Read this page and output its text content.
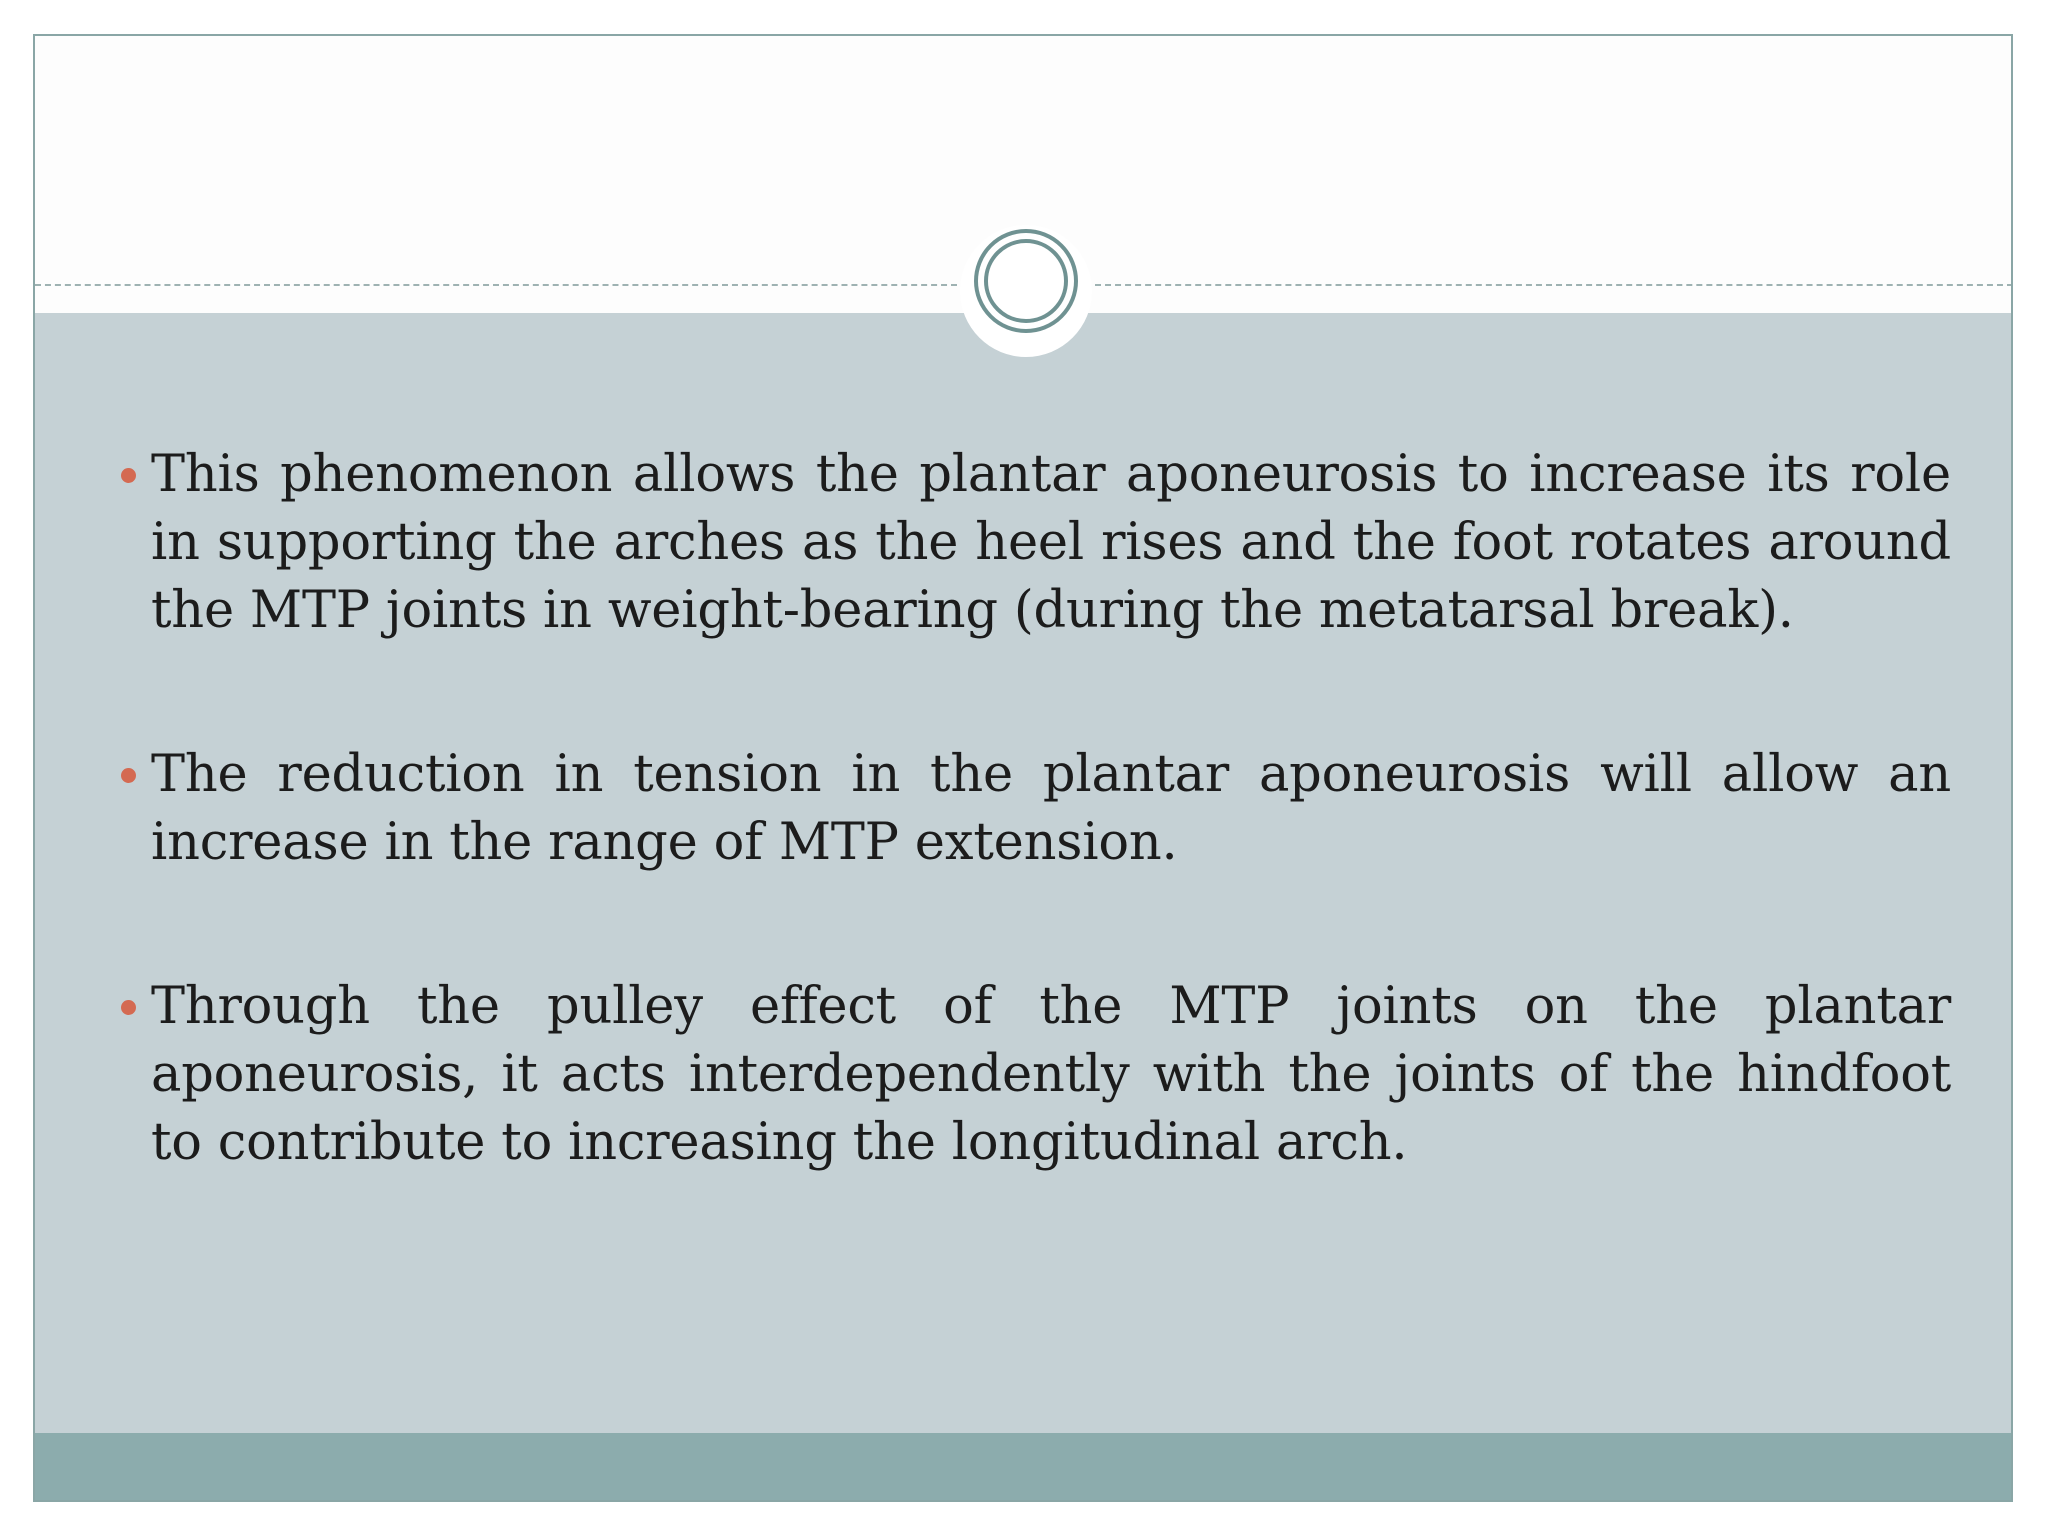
This phenomenon allows the plantar aponeurosis to increase its role in supporting the arches as the heel rises and the foot rotates around the MTP joints in weight-bearing (during the metatarsal break).
The reduction in tension in the plantar aponeurosis will allow an increase in the range of MTP extension.
Through the pulley effect of the MTP joints on the plantar aponeurosis, it acts interdependently with the joints of the hindfoot to contribute to increasing the longitudinal arch.
